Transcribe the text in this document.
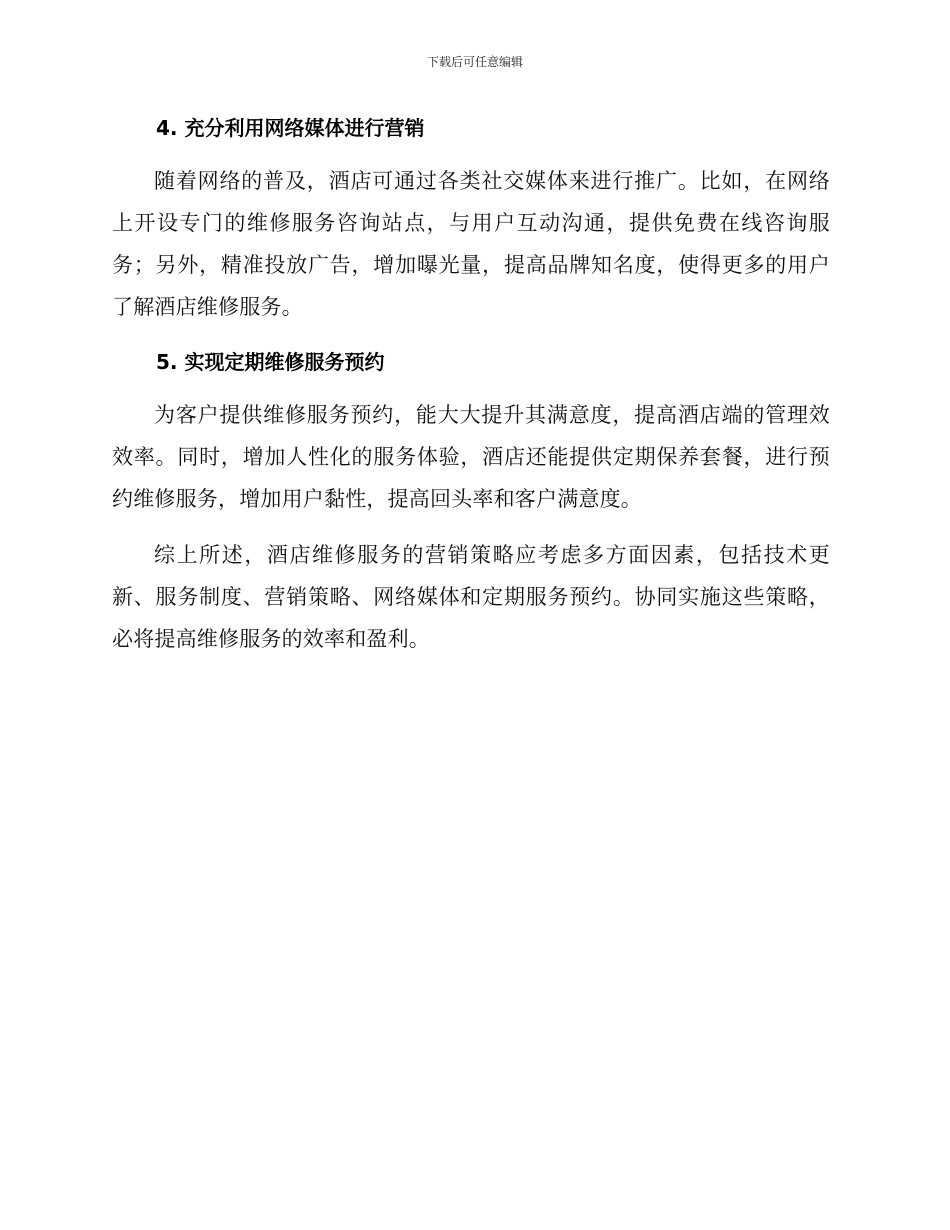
下载后可任意编辑
4. 充分利用网络媒体进行营销

随着网络的普及，酒店可通过各类社交媒体来进行推广。比如，在网络上开设专门的维修服务咨询站点，与用户互动沟通，提供免费在线咨询服务；另外，精准投放广告，增加曝光量，提高品牌知名度，使得更多的用户了解酒店维修服务。

5. 实现定期维修服务预约

为客户提供维修服务预约，能大大提升其满意度，提高酒店端的管理效效率。同时，增加人性化的服务体验，酒店还能提供定期保养套餐，进行预约维修服务，增加用户黏性，提高回头率和客户满意度。

综上所述，酒店维修服务的营销策略应考虑多方面因素，包括技术更新、服务制度、营销策略、网络媒体和定期服务预约。协同实施这些策略，必将提高维修服务的效率和盈利。
